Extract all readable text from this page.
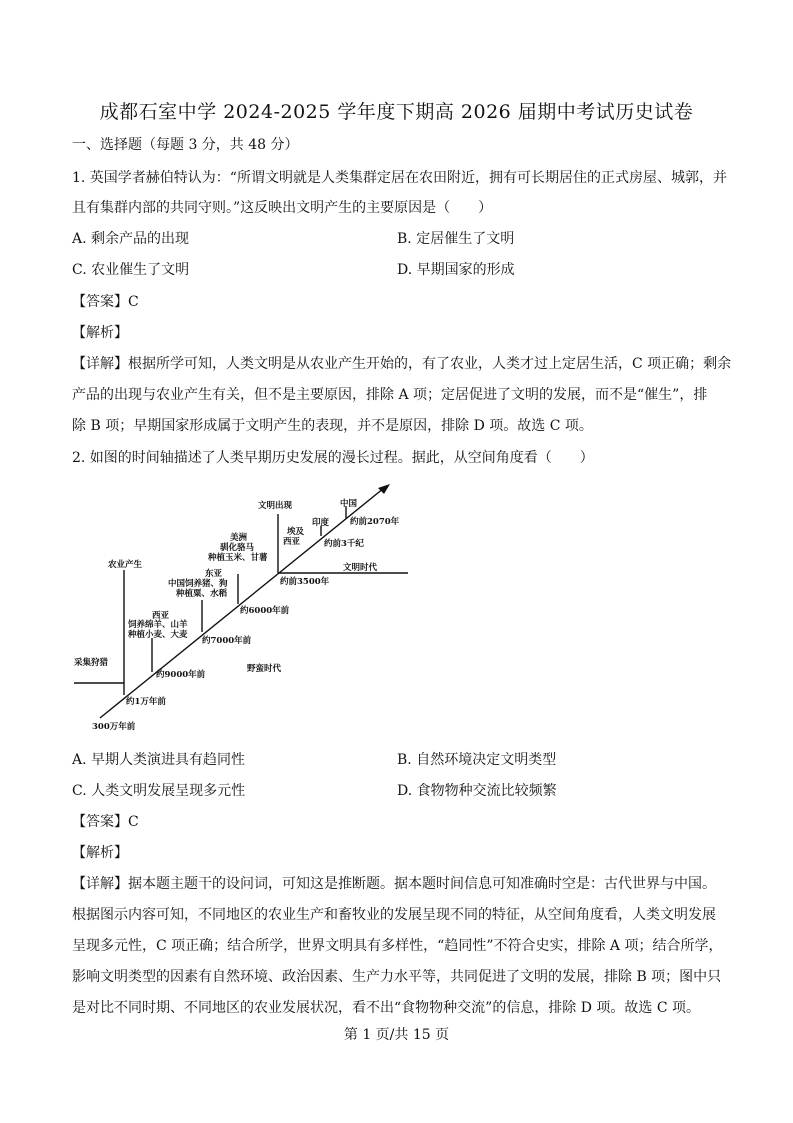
成都石室中学 2024-2025 学年度下期高 2026 届期中考试历史试卷
一、选择题（每题 3 分，共 48 分）
1. 英国学者赫伯特认为：“所谓文明就是人类集群定居在农田附近，拥有可长期居住的正式房屋、城郭，并
且有集群内部的共同守则。”这反映出文明产生的主要原因是（　　）
A. 剩余产品的出现	B. 定居催生了文明
C. 农业催生了文明	D. 早期国家的形成
【答案】C
【解析】
【详解】根据所学可知，人类文明是从农业产生开始的，有了农业，人类才过上定居生活，C 项正确；剩余
产品的出现与农业产生有关，但不是主要原因，排除 A 项；定居促进了文明的发展，而不是“催生”，排
除 B 项；早期国家形成属于文明产生的表现，并不是原因，排除 D 项。故选 C 项。
2. 如图的时间轴描述了人类早期历史发展的漫长过程。据此，从空间角度看（　　）
300万年前
采集狩猎
农业产生
约1万年前
约9000年前
西亚
饲养绵羊、山羊
种植小麦、大麦
约7000年前
东亚
中国饲养猪、狗
种植粟、水稻
约6000年前
美洲
驯化骆马
种植玉米、甘薯
野蛮时代
文明出现
约前3500年
埃及
西亚
印度
约前3千纪
中国
约前2070年
文明时代
A. 早期人类演进具有趋同性	B. 自然环境决定文明类型
C. 人类文明发展呈现多元性	D. 食物物种交流比较频繁
【答案】C
【解析】
【详解】据本题主题干的设问词，可知这是推断题。据本题时间信息可知准确时空是：古代世界与中国。
根据图示内容可知，不同地区的农业生产和畜牧业的发展呈现不同的特征，从空间角度看，人类文明发展
呈现多元性，C 项正确；结合所学，世界文明具有多样性，“趋同性”不符合史实，排除 A 项；结合所学，
影响文明类型的因素有自然环境、政治因素、生产力水平等，共同促进了文明的发展，排除 B 项；图中只
是对比不同时期、不同地区的农业发展状况，看不出“食物物种交流”的信息，排除 D 项。故选 C 项。
第 1 页/共 15 页
